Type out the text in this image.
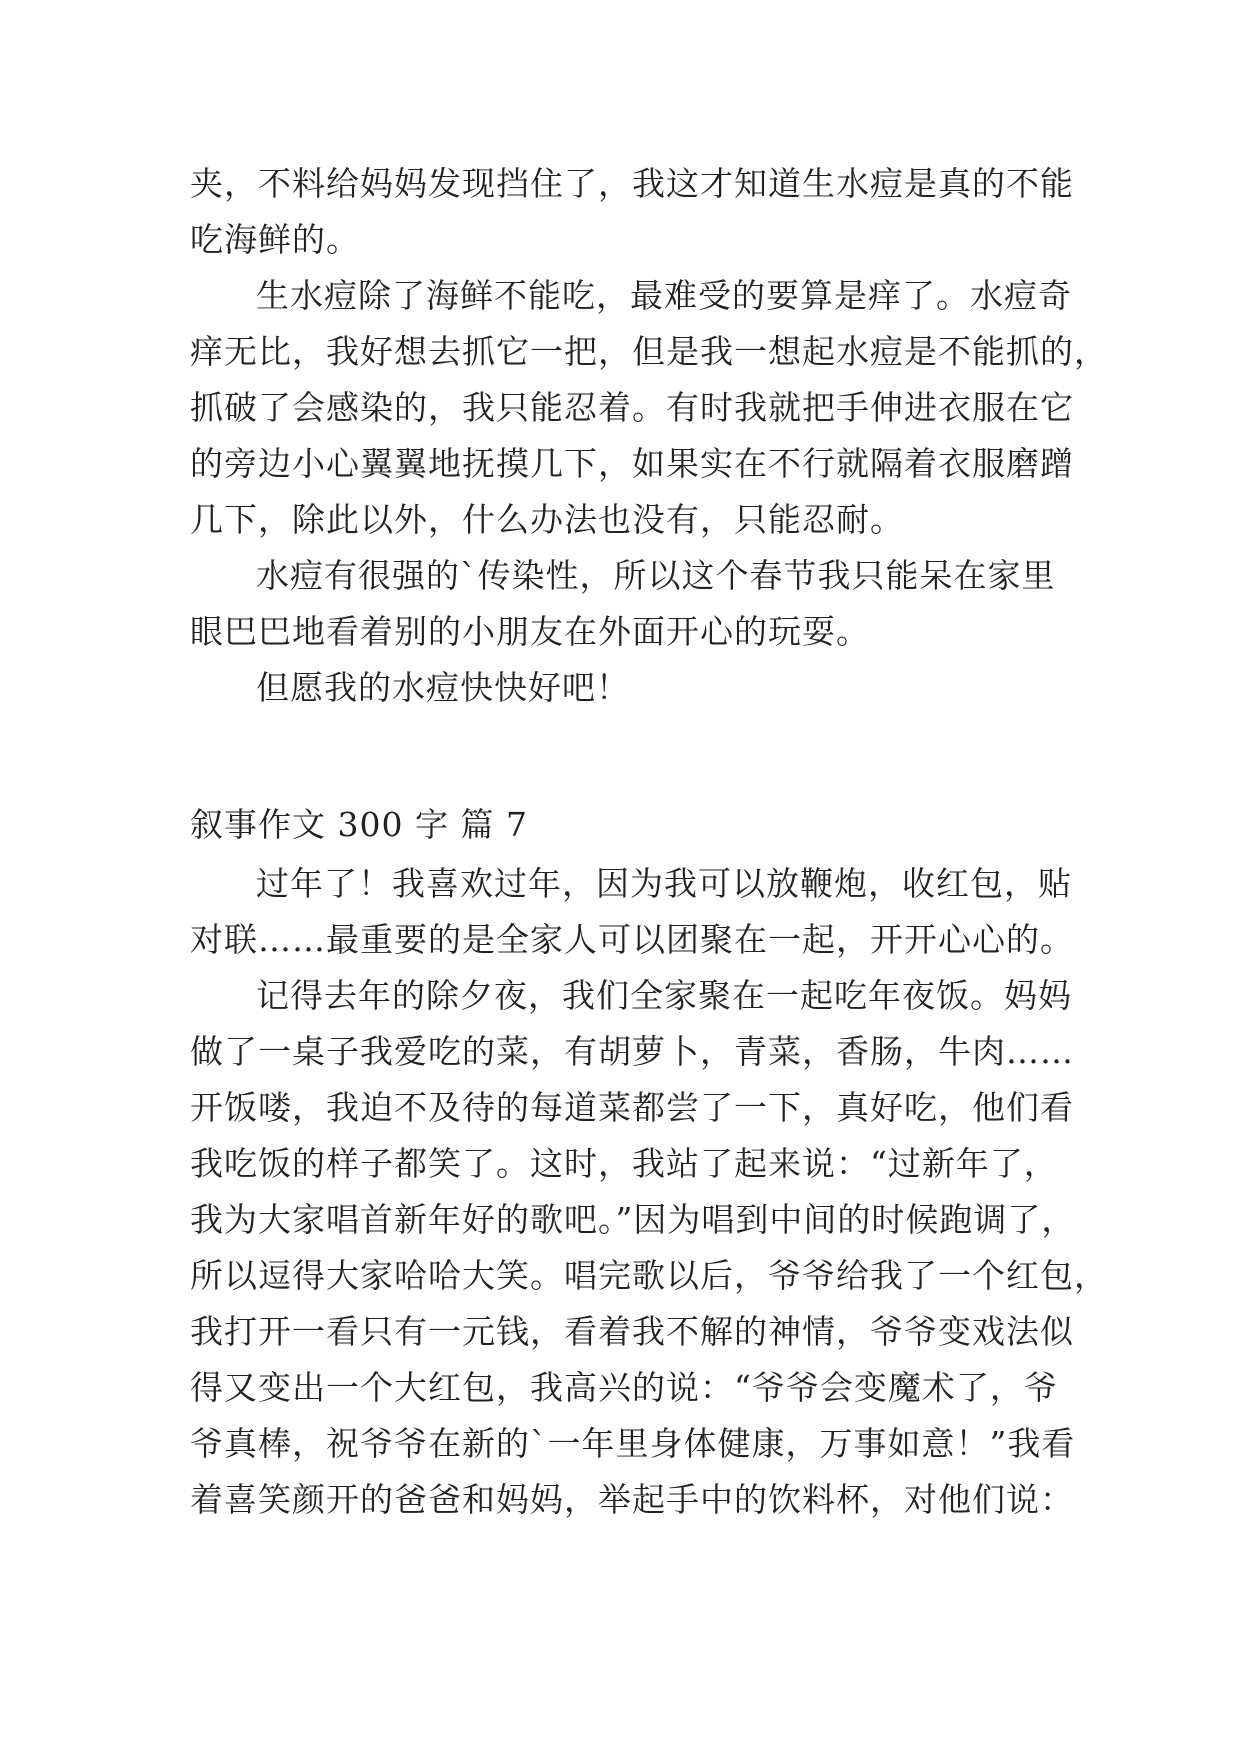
夹，不料给妈妈发现挡住了，我这才知道生水痘是真的不能
吃海鲜的。
生水痘除了海鲜不能吃，最难受的要算是痒了。水痘奇
痒无比，我好想去抓它一把，但是我一想起水痘是不能抓的，
抓破了会感染的，我只能忍着。有时我就把手伸进衣服在它
的旁边小心翼翼地抚摸几下，如果实在不行就隔着衣服磨蹭
几下，除此以外，什么办法也没有，只能忍耐。
水痘有很强的`传染性，所以这个春节我只能呆在家里
眼巴巴地看着别的小朋友在外面开心的玩耍。
但愿我的水痘快快好吧！
叙事作文 300 字 篇 7
过年了！我喜欢过年，因为我可以放鞭炮，收红包，贴
对联……最重要的是全家人可以团聚在一起，开开心心的。
记得去年的除夕夜，我们全家聚在一起吃年夜饭。妈妈
做了一桌子我爱吃的菜，有胡萝卜，青菜，香肠，牛肉……
开饭喽，我迫不及待的每道菜都尝了一下，真好吃，他们看
我吃饭的样子都笑了。这时，我站了起来说：“过新年了，
我为大家唱首新年好的歌吧。”因为唱到中间的时候跑调了，
所以逗得大家哈哈大笑。唱完歌以后，爷爷给我了一个红包，
我打开一看只有一元钱，看着我不解的神情，爷爷变戏法似
得又变出一个大红包，我高兴的说：“爷爷会变魔术了，爷
爷真棒，祝爷爷在新的`一年里身体健康，万事如意！”我看
着喜笑颜开的爸爸和妈妈，举起手中的饮料杯，对他们说：
